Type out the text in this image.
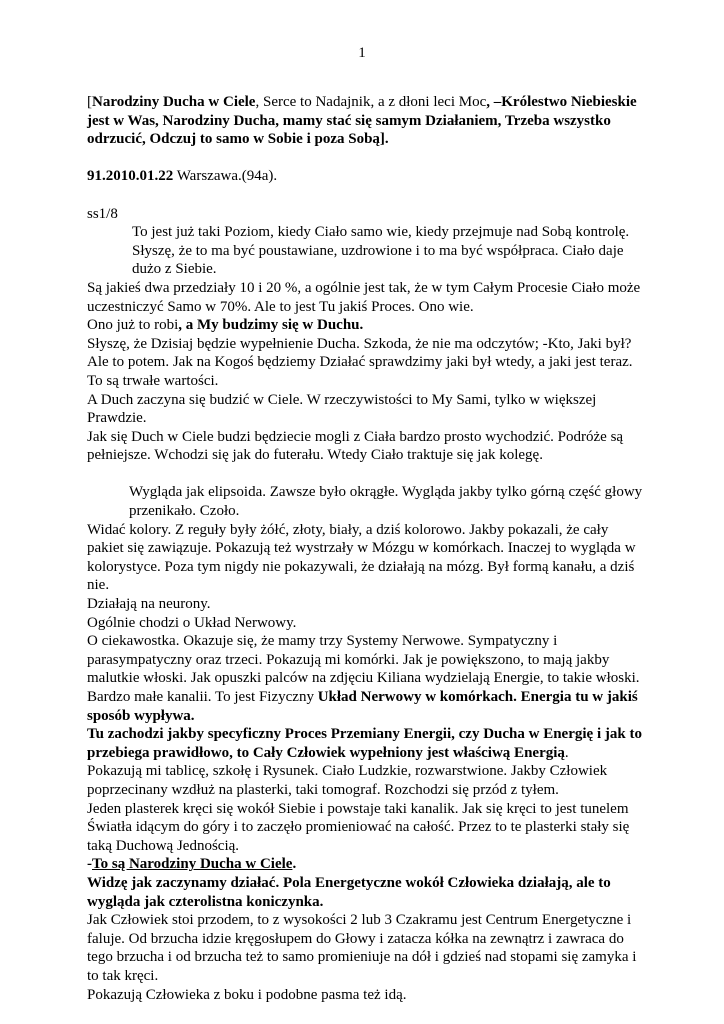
1

[Narodziny Ducha w Ciele, Serce to Nadajnik, a z dłoni leci Moc, –Królestwo Niebieskie jest w Was, Narodziny Ducha, mamy stać się samym Działaniem, Trzeba wszystko odrzucić, Odczuj to samo w Sobie i poza Sobą].

91.2010.01.22 Warszawa.(94a).

ss1/8

To jest już taki Poziom, kiedy Ciało samo wie, kiedy przejmuje nad Sobą kontrolę. Słyszę, że to ma być poustawiane, uzdrowione i to ma być współpraca. Ciało daje dużo z Siebie.

Są jakieś dwa przedziały 10 i 20 %, a ogólnie jest tak, że w tym Całym Procesie Ciało może uczestniczyć Samo w 70%. Ale to jest Tu jakiś Proces. Ono wie.

Ono już to robi, a My budzimy się w Duchu.

Słyszę, że Dzisiaj będzie wypełnienie Ducha. Szkoda, że nie ma odczytów; -Kto, Jaki był? Ale to potem. Jak na Kogoś będziemy Działać sprawdzimy jaki był wtedy, a jaki jest teraz. To są trwałe wartości.

A Duch zaczyna się budzić w Ciele. W rzeczywistości to My Sami, tylko w większej Prawdzie.

Jak się Duch w Ciele budzi będziecie mogli z Ciała bardzo prosto wychodzić. Podróże są pełniejsze. Wchodzi się jak do futerału. Wtedy Ciało traktuje się jak kolegę.

Wygląda jak elipsoida. Zawsze było okrągłe. Wygląda jakby tylko górną część głowy przenikało. Czoło.

Widać kolory. Z reguły były żółć, złoty, biały, a dziś kolorowo. Jakby pokazali, że cały pakiet się zawiązuje. Pokazują też wystrzały w Mózgu w komórkach. Inaczej to wygląda w kolorystyce. Poza tym nigdy nie pokazywali, że działają na mózg. Był formą kanału, a dziś nie.

Działają na neurony.

Ogólnie chodzi o Układ Nerwowy.

O ciekawostka. Okazuje się, że mamy trzy Systemy Nerwowe. Sympatyczny i parasympatyczny oraz trzeci. Pokazują mi komórki. Jak je powiększono, to mają jakby malutkie włoski. Jak opuszki palców na zdjęciu Kiliana wydzielają Energie, to takie włoski. Bardzo małe kanalii. To jest Fizyczny Układ Nerwowy w komórkach. Energia tu w jakiś sposób wypływa.

Tu zachodzi jakby specyficzny Proces Przemiany Energii, czy Ducha w Energię i jak to przebiega prawidłowo, to Cały Człowiek wypełniony jest właściwą Energią.

Pokazują mi tablicę, szkołę i Rysunek. Ciało Ludzkie, rozwarstwione. Jakby Człowiek poprzecinany wzdłuż na plasterki, taki tomograf. Rozchodzi się przód z tyłem.

Jeden plasterek kręci się wokół Siebie i powstaje taki kanalik. Jak się kręci to jest tunelem Światła idącym do góry i to zaczęło promieniować na całość. Przez to te plasterki stały się taką Duchową Jednością.

-To są Narodziny Ducha w Ciele.

Widzę jak zaczynamy działać. Pola Energetyczne wokół Człowieka działają, ale to wygląda jak czterolistna koniczynka.

Jak Człowiek stoi przodem, to z wysokości 2 lub 3 Czakramu jest Centrum Energetyczne i faluje. Od brzucha idzie kręgosłupem do Głowy i zatacza kółka na zewnątrz i zawraca do tego brzucha i od brzucha też to samo promieniuje na dół i gdzieś nad stopami się zamyka i to tak kręci.

Pokazują Człowieka z boku i podobne pasma też idą.
